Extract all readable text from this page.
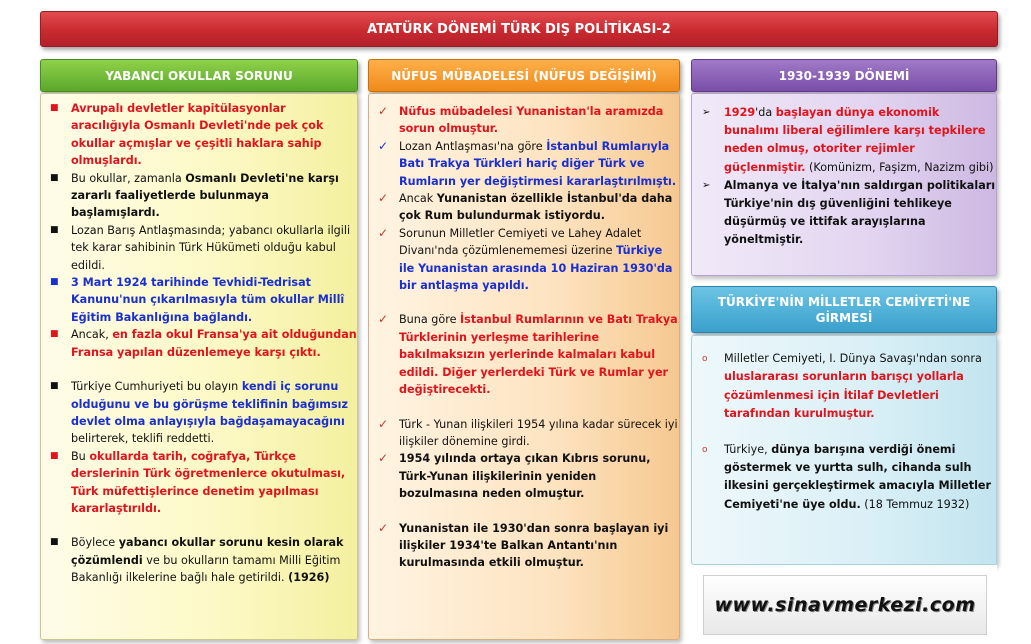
ATATÜRK DÖNEMİ TÜRK DIŞ POLİTİKASI-2
YABANCI OKULLAR SORUNU
■ Avrupalı devletler kapitülasyonlar aracılığıyla Osmanlı Devleti'nde pek çok okullar açmışlar ve çeşitli haklara sahip olmuşlardı.
■ Bu okullar, zamanla Osmanlı Devleti'ne karşı zararlı faaliyetlerde bulunmaya başlamışlardı.
■ Lozan Barış Antlaşmasında; yabancı okullarla ilgili tek karar sahibinin Türk Hükümeti olduğu kabul edildi.
■ 3 Mart 1924 tarihinde Tevhidi-Tedrisat Kanunu'nun çıkarılmasıyla tüm okullar Millî Eğitim Bakanlığına bağlandı.
■ Ancak, en fazla okul Fransa'ya ait olduğundan Fransa yapılan düzenlemeye karşı çıktı.
■ Türkiye Cumhuriyeti bu olayın kendi iç sorunu olduğunu ve bu görüşme teklifinin bağımsız devlet olma anlayışıyla bağdaşamayacağını belirterek, teklifi reddetti.
■ Bu okullarda tarih, coğrafya, Türkçe derslerinin Türk öğretmenlerce okutulması, Türk müfettişlerince denetim yapılması kararlaştırıldı.
■ Böylece yabancı okullar sorunu kesin olarak çözümlendi ve bu okulların tamamı Milli Eğitim Bakanlığı ilkelerine bağlı hale getirildi. (1926)
NÜFUS MÜBADELESİ (NÜFUS DEĞİŞİMİ)
✓ Nüfus mübadelesi Yunanistan'la aramızda sorun olmuştur.
✓ Lozan Antlaşması'na göre İstanbul Rumlarıyla Batı Trakya Türkleri hariç diğer Türk ve Rumların yer değiştirmesi kararlaştırılmıştı.
✓ Ancak Yunanistan özellikle İstanbul'da daha çok Rum bulundurmak istiyordu.
✓ Sorunun Milletler Cemiyeti ve Lahey Adalet Divanı'nda çözümlenememesi üzerine Türkiye ile Yunanistan arasında 10 Haziran 1930'da bir antlaşma yapıldı.
✓ Buna göre İstanbul Rumlarının ve Batı Trakya Türklerinin yerleşme tarihlerine bakılmaksızın yerlerinde kalmaları kabul edildi. Diğer yerlerdeki Türk ve Rumlar yer değiştirecekti.
✓ Türk - Yunan ilişkileri 1954 yılına kadar sürecek iyi ilişkiler dönemine girdi.
✓ 1954 yılında ortaya çıkan Kıbrıs sorunu, Türk-Yunan ilişkilerinin yeniden bozulmasına neden olmuştur.
✓ Yunanistan ile 1930'dan sonra başlayan iyi ilişkiler 1934'te Balkan Antantı'nın kurulmasında etkili olmuştur.
1930-1939 DÖNEMİ
➢ 1929'da başlayan dünya ekonomik bunalımı liberal eğilimlere karşı tepkilere neden olmuş, otoriter rejimler güçlenmiştir. (Komünizm, Faşizm, Nazizm gibi)
➢ Almanya ve İtalya'nın saldırgan politikaları Türkiye'nin dış güvenliğini tehlikeye düşürmüş ve ittifak arayışlarına yöneltmiştir.
TÜRKİYE'NİN MİLLETLER CEMİYETİ'NE GİRMESİ
o Milletler Cemiyeti, I. Dünya Savaşı'ndan sonra uluslararası sorunların barışçı yollarla çözümlenmesi için İtilaf Devletleri tarafından kurulmuştur.
o Türkiye, dünya barışına verdiği önemi göstermek ve yurtta sulh, cihanda sulh ilkesini gerçekleştirmek amacıyla Milletler Cemiyeti'ne üye oldu. (18 Temmuz 1932)
www.sinavmerkezi.com
